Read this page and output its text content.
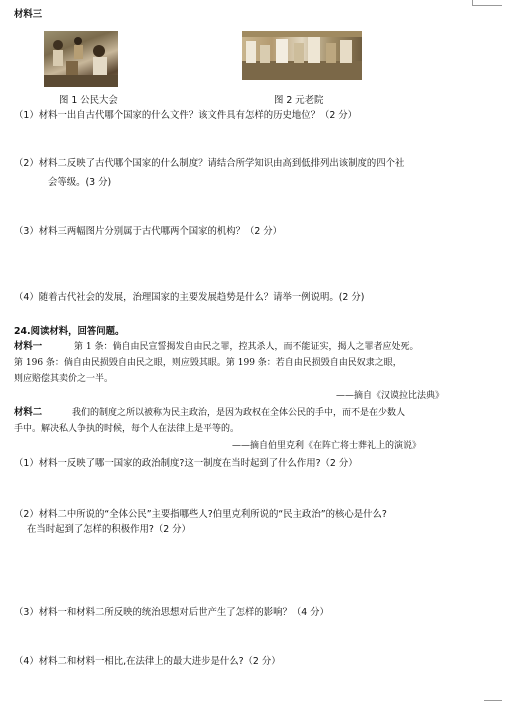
材料三
图 1 公民大会	图 2 元老院
（1）材料一出自古代哪个国家的什么文件？该文件具有怎样的历史地位？（2 分）
（2）材料二反映了古代哪个国家的什么制度？请结合所学知识由高到低排列出该制度的四个社
会等级。(3 分)
（3）材料三两幅图片分别属于古代哪两个国家的机构？（2 分）
（4）随着古代社会的发展，治理国家的主要发展趋势是什么？请举一例说明。(2 分)
24.阅读材料，回答问题。
材料一	第 1 条：倘自由民宣誓揭发自由民之罪，控其杀人，而不能证实，揭人之罪者应处死。
第 196 条：倘自由民损毁自由民之眼，则应毁其眼。第 199 条：若自由民损毁自由民奴隶之眼，
则应赔偿其卖价之一半。
——摘自《汉谟拉比法典》
材料二	我们的制度之所以被称为民主政治，是因为政权在全体公民的手中，而不是在少数人
手中。解决私人争执的时候，每个人在法律上是平等的。
——摘自伯里克利《在阵亡将士葬礼上的演说》
（1）材料一反映了哪一国家的政治制度?这一制度在当时起到了什么作用?（2 分）
（2）材料二中所说的“全体公民”主要指哪些人?伯里克利所说的“民主政治”的核心是什么?
在当时起到了怎样的积极作用?（2 分）
（3）材料一和材料二所反映的统治思想对后世产生了怎样的影响？（4 分）
（4）材料二和材料一相比,在法律上的最大进步是什么?（2 分）
